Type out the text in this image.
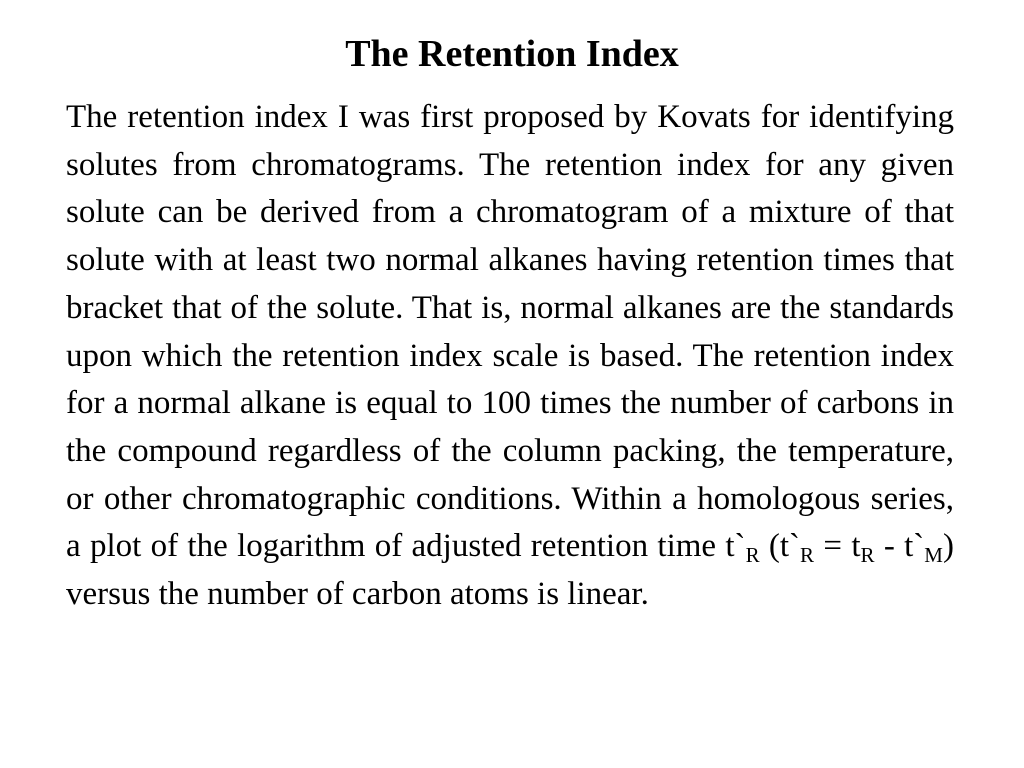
The Retention Index

The retention index I was first proposed by Kovats for identifying solutes from chromatograms. The retention index for any given solute can be derived from a chromatogram of a mixture of that solute with at least two normal alkanes having retention times that bracket that of the solute. That is, normal alkanes are the standards upon which the retention index scale is based. The retention index for a normal alkane is equal to 100 times the number of carbons in the compound regardless of the column packing, the temperature, or other chromatographic conditions. Within a homologous series, a plot of the logarithm of adjusted retention time $t`_R$ ($t`_R = t_R$ - $t`_M$) versus the number of carbon atoms is linear.
